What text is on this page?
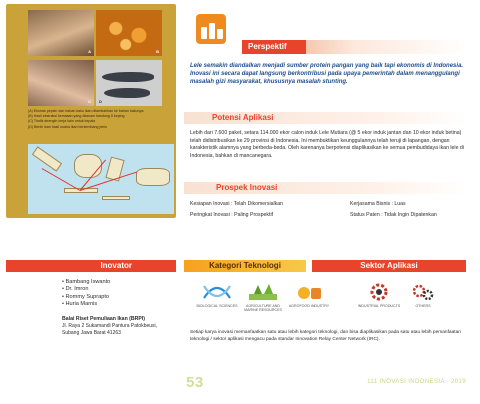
A	B
C D
(A) Ekstrak pepsin dari bahan kaku ikan ditambahkan ke bahan bakunya
(B) Hasil ekstraksi kemasan yang ditanam kandung 5 keping
(C) Tindik strength kerja kain untuk kepala
(D) Benih ikan hasil usaha ikan berkembang jenis
Perspektif
Lele semakin diandalkan menjadi sumber protein pangan yang baik tapi ekonomis di Indonesia. Inovasi ini secara dapat langsung berkontribusi pada upaya pemerintah dalam menanggulangi masalah gizi masyarakat, khususnya masalah stunting.
Potensi Aplikasi
Lebih dari 7.600 paket, setara 114.000 ekor calon induk Lele Mutiara (@ 5 ekor induk jantan dan 10 ekor induk betina) telah didistribusikan ke 29 provinsi di Indonesia. Ini membuktikan keunggulannya telah teruji di lapangan, dengan karakteristik alamnya yang berbeda-beda. Oleh karenanya berpotensi diaplikasikan ke semua pembudidaya ikan lele di Indonesia, bahkan di mancanegara.
Prospek Inovasi
Kesiapan Inovasi : Telah Dikomersialkan
Peringkat Inovasi : Paling Prospektif
Kerjasama Bisnis : Luas
Status Paten : Tidak Ingin Dipatenkan
Inovator
• Bambang Iswanto
• Dr. Imron
• Rommy Suprapto
• Huria Marnis
Balai Riset Pemuliaan Ikan (BRPI)
Jl. Raya 2 Sukamandi Pantura Patokbeusi, Subang Jawa Barat 41263
Kategori Teknologi	Sektor Aplikasi
BIOLOGICAL SCIENCES	AGRICULTURE AND MARINE RESOURCES
AGROFOOD INDUSTRY	INDUSTRIAL PRODUCTS	OTHERS
Setiap karya inovasi memanfaatkan satu atau lebih kategori teknologi, dan bisa diaplikasikan pada satu atau lebih pemanfaatan teknologi / sektor aplikasi mengacu pada standar Innovation Relay Center Network (IRC).
53	111 INOVASI INDONESIA - 2019
